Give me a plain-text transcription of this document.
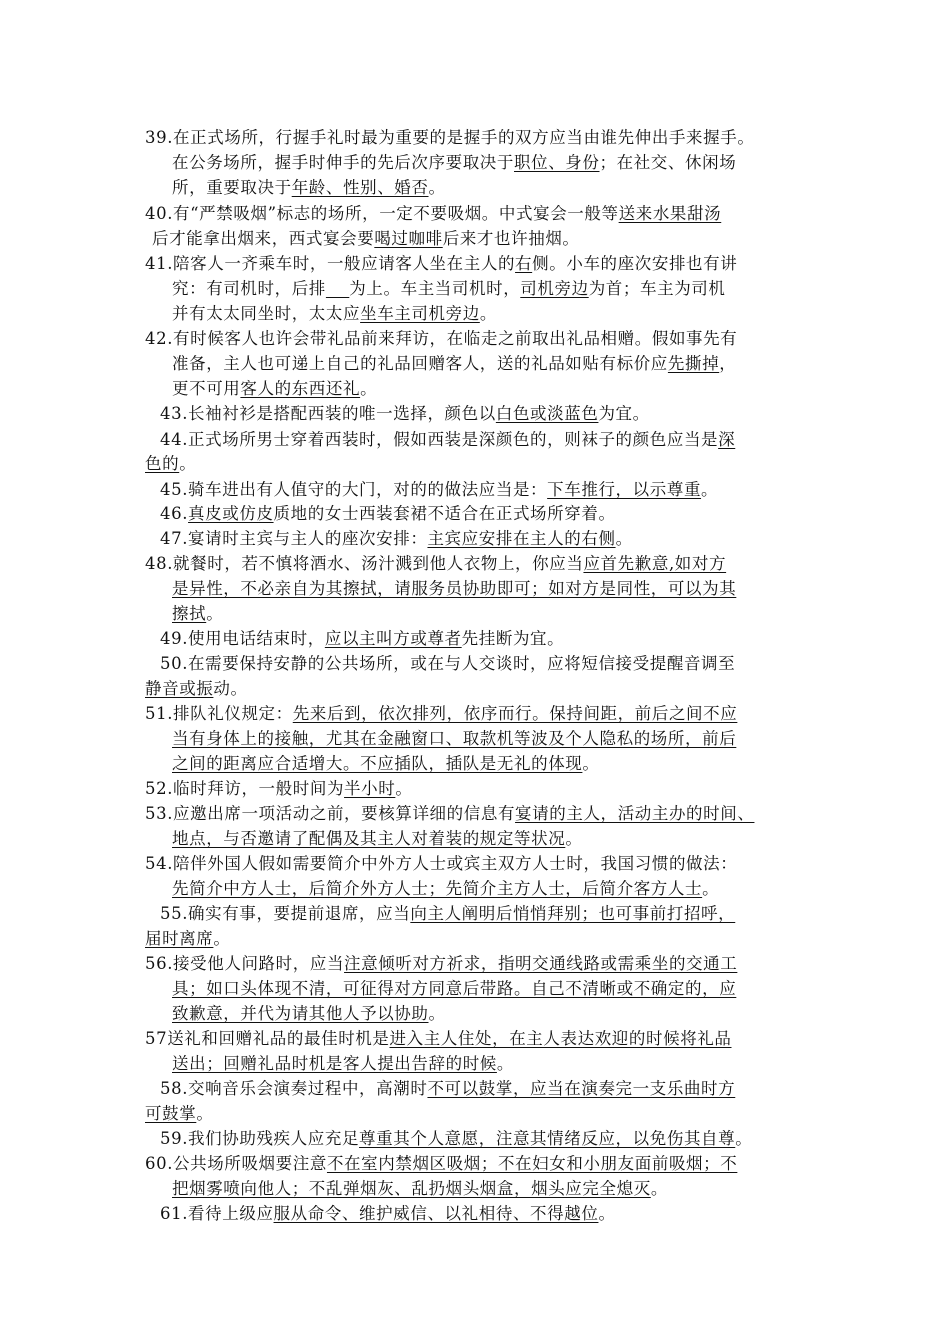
39.在正式场所，行握手礼时最为重要的是握手的双方应当由谁先伸出手来握手。
在公务场所，握手时伸手的先后次序要取决于职位、身份；在社交、休闲场
所，重要取决于年龄、性别、婚否。
40.有“严禁吸烟”标志的场所，一定不要吸烟。中式宴会一般等送来水果甜汤
后才能拿出烟来，西式宴会要喝过咖啡后来才也许抽烟。
41.陪客人一齐乘车时，一般应请客人坐在主人的右侧。小车的座次安排也有讲
究：有司机时，后排 为上。车主当司机时，司机旁边为首；车主为司机
并有太太同坐时，太太应坐车主司机旁边。
42.有时候客人也许会带礼品前来拜访，在临走之前取出礼品相赠。假如事先有
准备，主人也可递上自己的礼品回赠客人，送的礼品如贴有标价应先撕掉，
更不可用客人的东西还礼。
43.长袖衬衫是搭配西装的唯一选择，颜色以白色或淡蓝色为宜。
44.正式场所男士穿着西装时，假如西装是深颜色的，则袜子的颜色应当是深
色的。
45.骑车进出有人值守的大门，对的的做法应当是：下车推行，以示尊重。
46.真皮或仿皮质地的女士西装套裙不适合在正式场所穿着。
47.宴请时主宾与主人的座次安排：主宾应安排在主人的右侧。
48.就餐时，若不慎将酒水、汤汁溅到他人衣物上，你应当应首先歉意,如对方
是异性，不必亲自为其擦拭，请服务员协助即可；如对方是同性，可以为其
擦拭。
49.使用电话结束时，应以主叫方或尊者先挂断为宜。
50.在需要保持安静的公共场所，或在与人交谈时，应将短信接受提醒音调至
静音或振动。
51.排队礼仪规定：先来后到，依次排列，依序而行。保持间距，前后之间不应
当有身体上的接触，尤其在金融窗口、取款机等波及个人隐私的场所，前后
之间的距离应合适增大。不应插队，插队是无礼的体现。
52.临时拜访，一般时间为半小时。
53.应邀出席一项活动之前，要核算详细的信息有宴请的主人，活动主办的时间、
地点，与否邀请了配偶及其主人对着装的规定等状况。
54.陪伴外国人假如需要简介中外方人士或宾主双方人士时，我国习惯的做法：
先简介中方人士，后简介外方人士；先简介主方人士，后简介客方人士。
55.确实有事，要提前退席，应当向主人阐明后悄悄拜别；也可事前打招呼，
届时离席。
56.接受他人问路时，应当注意倾听对方祈求，指明交通线路或需乘坐的交通工
具；如口头体现不清，可征得对方同意后带路。自己不清晰或不确定的，应
致歉意，并代为请其他人予以协助。
57送礼和回赠礼品的最佳时机是进入主人住处，在主人表达欢迎的时候将礼品
送出；回赠礼品时机是客人提出告辞的时候。
58.交响音乐会演奏过程中，高潮时不可以鼓掌，应当在演奏完一支乐曲时方
可鼓掌。
59.我们协助残疾人应充足尊重其个人意愿，注意其情绪反应，以免伤其自尊。
60.公共场所吸烟要注意不在室内禁烟区吸烟；不在妇女和小朋友面前吸烟；不
把烟雾喷向他人；不乱弹烟灰、乱扔烟头烟盒，烟头应完全熄灭。
61.看待上级应服从命令、维护威信、以礼相待、不得越位。
